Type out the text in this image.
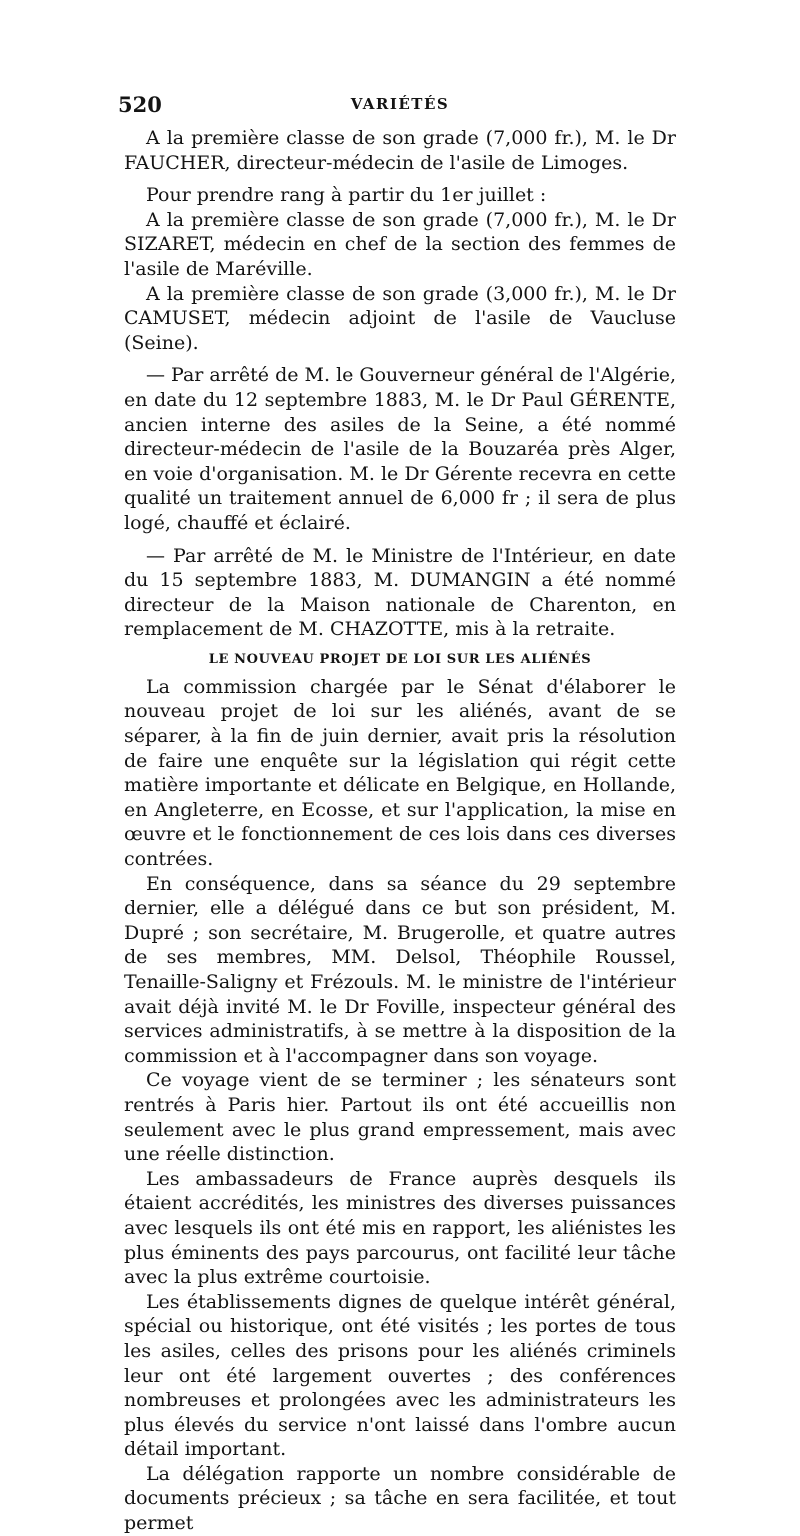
520	VARIÉTÉS

A la première classe de son grade (7,000 fr.), M. le Dr FAUCHER, directeur-médecin de l'asile de Limoges.

Pour prendre rang à partir du 1er juillet :

A la première classe de son grade (7,000 fr.), M. le Dr SIZARET, médecin en chef de la section des femmes de l'asile de Maréville.

A la première classe de son grade (3,000 fr.), M. le Dr CAMUSET, médecin adjoint de l'asile de Vaucluse (Seine).

— Par arrêté de M. le Gouverneur général de l'Algérie, en date du 12 septembre 1883, M. le Dr Paul GÉRENTE, ancien interne des asiles de la Seine, a été nommé directeur-médecin de l'asile de la Bouzaréa près Alger, en voie d'organisation. M. le Dr Gérente recevra en cette qualité un traitement annuel de 6,000 fr ; il sera de plus logé, chauffé et éclairé.

— Par arrêté de M. le Ministre de l'Intérieur, en date du 15 septembre 1883, M. DUMANGIN a été nommé directeur de la Maison nationale de Charenton, en remplacement de M. CHAZOTTE, mis à la retraite.

LE NOUVEAU PROJET DE LOI SUR LES ALIÉNÉS

La commission chargée par le Sénat d'élaborer le nouveau projet de loi sur les aliénés, avant de se séparer, à la fin de juin dernier, avait pris la résolution de faire une enquête sur la législation qui régit cette matière importante et délicate en Belgique, en Hollande, en Angleterre, en Ecosse, et sur l'application, la mise en œuvre et le fonctionnement de ces lois dans ces diverses contrées.

En conséquence, dans sa séance du 29 septembre dernier, elle a délégué dans ce but son président, M. Dupré ; son secrétaire, M. Brugerolle, et quatre autres de ses membres, MM. Delsol, Théophile Roussel, Tenaille-Saligny et Frézouls. M. le ministre de l'intérieur avait déjà invité M. le Dr Foville, inspecteur général des services administratifs, à se mettre à la disposition de la commission et à l'accompagner dans son voyage.

Ce voyage vient de se terminer ; les sénateurs sont rentrés à Paris hier. Partout ils ont été accueillis non seulement avec le plus grand empressement, mais avec une réelle distinction.

Les ambassadeurs de France auprès desquels ils étaient accrédités, les ministres des diverses puissances avec lesquels ils ont été mis en rapport, les aliénistes les plus éminents des pays parcourus, ont facilité leur tâche avec la plus extrême courtoisie.

Les établissements dignes de quelque intérêt général, spécial ou historique, ont été visités ; les portes de tous les asiles, celles des prisons pour les aliénés criminels leur ont été largement ouvertes ; des conférences nombreuses et prolongées avec les administrateurs les plus élevés du service n'ont laissé dans l'ombre aucun détail important.

La délégation rapporte un nombre considérable de documents précieux ; sa tâche en sera facilitée, et tout permet
